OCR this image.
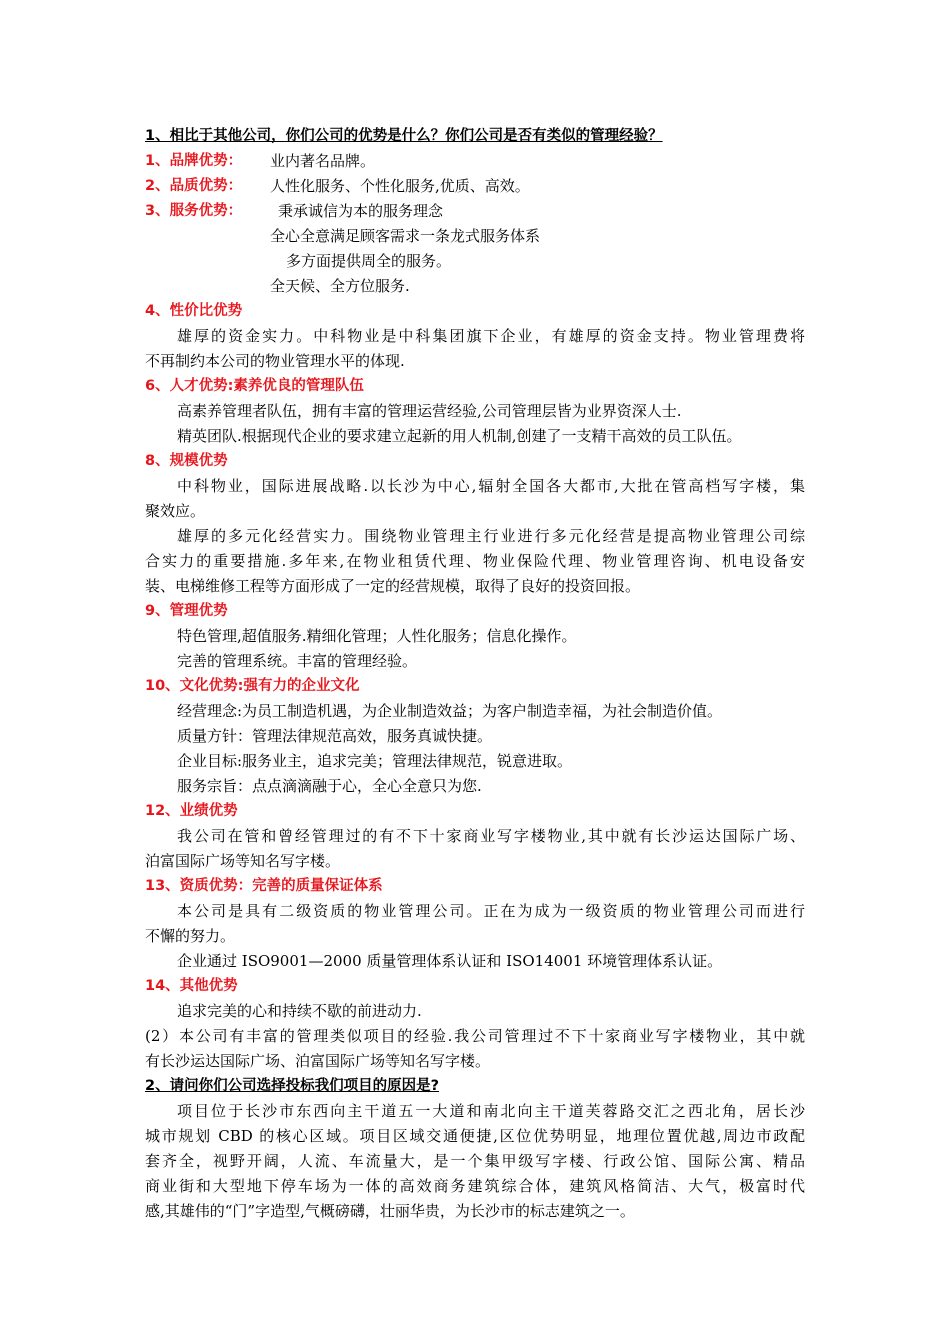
1、相比于其他公司，你们公司的优势是什么？你们公司是否有类似的管理经验？
1、品牌优势： 业内著名品牌。
2、品质优势： 人性化服务、个性化服务,优质、高效。
3、服务优势： 秉承诚信为本的服务理念
全心全意满足顾客需求一条龙式服务体系
多方面提供周全的服务。
全天候、全方位服务.
4、性价比优势
雄厚的资金实力。中科物业是中科集团旗下企业，有雄厚的资金支持。物业管理费将
不再制约本公司的物业管理水平的体现.
6、人才优势:素养优良的管理队伍
高素养管理者队伍，拥有丰富的管理运营经验,公司管理层皆为业界资深人士.
精英团队.根据现代企业的要求建立起新的用人机制,创建了一支精干高效的员工队伍。
8、规模优势
中科物业，国际进展战略.以长沙为中心,辐射全国各大都市,大批在管高档写字楼，集
聚效应。
雄厚的多元化经营实力。围绕物业管理主行业进行多元化经营是提高物业管理公司综
合实力的重要措施.多年来,在物业租赁代理、物业保险代理、物业管理咨询、机电设备安
装、电梯维修工程等方面形成了一定的经营规模，取得了良好的投资回报。
9、管理优势
特色管理,超值服务.精细化管理；人性化服务；信息化操作。
完善的管理系统。丰富的管理经验。
10、文化优势:强有力的企业文化
经营理念:为员工制造机遇，为企业制造效益；为客户制造幸福，为社会制造价值。
质量方针：管理法律规范高效，服务真诚快捷。
企业目标:服务业主，追求完美；管理法律规范，锐意进取。
服务宗旨：点点滴滴融于心，全心全意只为您.
12、业绩优势
我公司在管和曾经管理过的有不下十家商业写字楼物业,其中就有长沙运达国际广场、
泊富国际广场等知名写字楼。
13、资质优势：完善的质量保证体系
本公司是具有二级资质的物业管理公司。正在为成为一级资质的物业管理公司而进行
不懈的努力。
企业通过 ISO9001—2000 质量管理体系认证和 ISO14001 环境管理体系认证。
14、其他优势
追求完美的心和持续不歇的前进动力.
(2）本公司有丰富的管理类似项目的经验.我公司管理过不下十家商业写字楼物业，其中就
有长沙运达国际广场、泊富国际广场等知名写字楼。
2、请问你们公司选择投标我们项目的原因是?
项目位于长沙市东西向主干道五一大道和南北向主干道芙蓉路交汇之西北角，居长沙
城市规划 CBD 的核心区域。项目区域交通便捷,区位优势明显，地理位置优越,周边市政配
套齐全，视野开阔，人流、车流量大，是一个集甲级写字楼、行政公馆、国际公寓、精品
商业街和大型地下停车场为一体的高效商务建筑综合体，建筑风格简洁、大气，极富时代
感,其雄伟的“门”字造型,气概磅礴，壮丽华贵，为长沙市的标志建筑之一。
